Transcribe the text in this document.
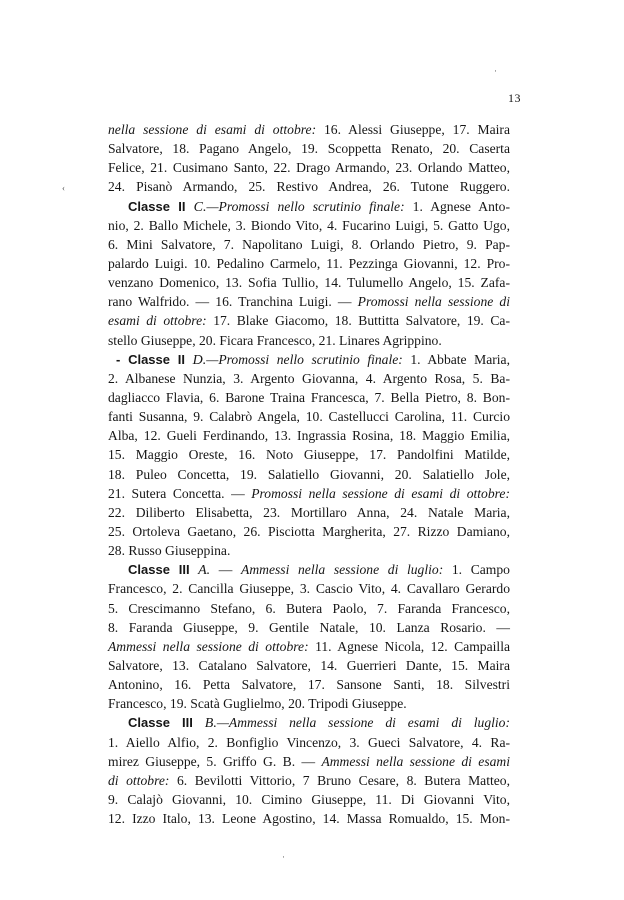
13
·
‹
·
nella sessione di esami di ottobre: 16. Alessi Giuseppe, 17. Maira
Salvatore, 18. Pagano Angelo, 19. Scoppetta Renato, 20. Caserta
Felice, 21. Cusimano Santo, 22. Drago Armando, 23. Orlando Matteo,
24. Pisanò Armando, 25. Restivo Andrea, 26. Tutone Ruggero.
Classe II C.—Promossi nello scrutinio finale: 1. Agnese Anto-
nio, 2. Ballo Michele, 3. Biondo Vito, 4. Fucarino Luigi, 5. Gatto Ugo,
6. Mini Salvatore, 7. Napolitano Luigi, 8. Orlando Pietro, 9. Pap-
palardo Luigi. 10. Pedalino Carmelo, 11. Pezzinga Giovanni, 12. Pro-
venzano Domenico, 13. Sofia Tullio, 14. Tulumello Angelo, 15. Zafa-
rano Walfrido. — 16. Tranchina Luigi. — Promossi nella sessione di
esami di ottobre: 17. Blake Giacomo, 18. Buttitta Salvatore, 19. Ca-
stello Giuseppe, 20. Ficara Francesco, 21. Linares Agrippino.
- Classe II D.—Promossi nello scrutinio finale: 1. Abbate Maria,
2. Albanese Nunzia, 3. Argento Giovanna, 4. Argento Rosa, 5. Ba-
dagliacco Flavia, 6. Barone Traina Francesca, 7. Bella Pietro, 8. Bon-
fanti Susanna, 9. Calabrò Angela, 10. Castellucci Carolina, 11. Curcio
Alba, 12. Gueli Ferdinando, 13. Ingrassia Rosina, 18. Maggio Emilia,
15. Maggio Oreste, 16. Noto Giuseppe, 17. Pandolfini Matilde,
18. Puleo Concetta, 19. Salatiello Giovanni, 20. Salatiello Jole,
21. Sutera Concetta. — Promossi nella sessione di esami di ottobre:
22. Diliberto Elisabetta, 23. Mortillaro Anna, 24. Natale Maria,
25. Ortoleva Gaetano, 26. Pisciotta Margherita, 27. Rizzo Damiano,
28. Russo Giuseppina.
Classe III A. — Ammessi nella sessione di luglio: 1. Campo
Francesco, 2. Cancilla Giuseppe, 3. Cascio Vito, 4. Cavallaro Gerardo
5. Crescimanno Stefano, 6. Butera Paolo, 7. Faranda Francesco,
8. Faranda Giuseppe, 9. Gentile Natale, 10. Lanza Rosario. —
Ammessi nella sessione di ottobre: 11. Agnese Nicola, 12. Campailla
Salvatore, 13. Catalano Salvatore, 14. Guerrieri Dante, 15. Maira
Antonino, 16. Petta Salvatore, 17. Sansone Santi, 18. Silvestri
Francesco, 19. Scatà Guglielmo, 20. Tripodi Giuseppe.
Classe III B.—Ammessi nella sessione di esami di luglio:
1. Aiello Alfio, 2. Bonfiglio Vincenzo, 3. Gueci Salvatore, 4. Ra-
mirez Giuseppe, 5. Griffo G. B. — Ammessi nella sessione di esami
di ottobre: 6. Bevilotti Vittorio, 7 Bruno Cesare, 8. Butera Matteo,
9. Calajò Giovanni, 10. Cimino Giuseppe, 11. Di Giovanni Vito,
12. Izzo Italo, 13. Leone Agostino, 14. Massa Romualdo, 15. Mon-
